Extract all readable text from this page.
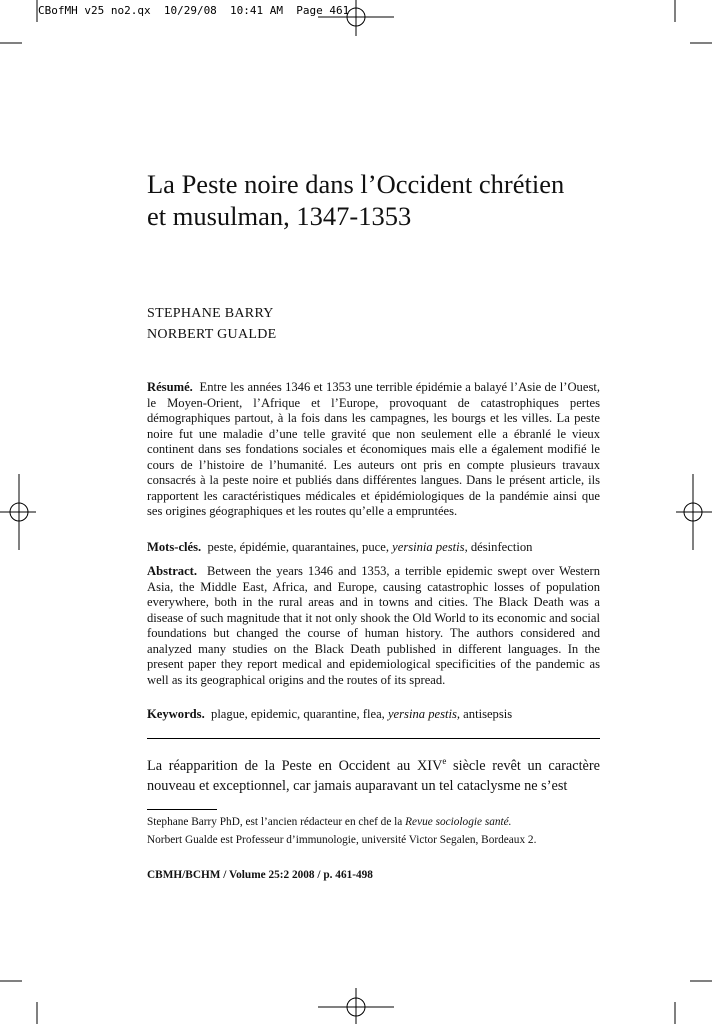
CBofMH v25 no2.qx  10/29/08  10:41 AM  Page 461
La Peste noire dans l’Occident chrétien
et musulman, 1347-1353
STEPHANE BARRY
NORBERT GUALDE
Résumé. Entre les années 1346 et 1353 une terrible épidémie a balayé l’Asie de l’Ouest, le Moyen-Orient, l’Afrique et l’Europe, provoquant de catastrophiques pertes démographiques partout, à la fois dans les campagnes, les bourgs et les villes. La peste noire fut une maladie d’une telle gravité que non seulement elle a ébranlé le vieux continent dans ses fondations sociales et économiques mais elle a également modifié le cours de l’histoire de l’humanité. Les auteurs ont pris en compte plusieurs travaux consacrés à la peste noire et publiés dans différentes langues. Dans le présent article, ils rapportent les caractéristiques médicales et épidémiologiques de la pandémie ainsi que ses origines géographiques et les routes qu’elle a empruntées.
Mots-clés. peste, épidémie, quarantaines, puce, yersinia pestis, désinfection
Abstract. Between the years 1346 and 1353, a terrible epidemic swept over Western Asia, the Middle East, Africa, and Europe, causing catastrophic losses of population everywhere, both in the rural areas and in towns and cities. The Black Death was a disease of such magnitude that it not only shook the Old World to its economic and social foundations but changed the course of human history. The authors considered and analyzed many studies on the Black Death published in different languages. In the present paper they report medical and epidemiological specificities of the pandemic as well as its geographical origins and the routes of its spread.
Keywords. plague, epidemic, quarantine, flea, yersina pestis, antisepsis
La réapparition de la Peste en Occident au XIVe siècle revêt un caractère nouveau et exceptionnel, car jamais auparavant un tel cataclysme ne s’est
Stephane Barry PhD, est l’ancien rédacteur en chef de la Revue sociologie santé.
Norbert Gualde est Professeur d’immunologie, université Victor Segalen, Bordeaux 2.
CBMH/BCHM / Volume 25:2 2008 / p. 461-498
